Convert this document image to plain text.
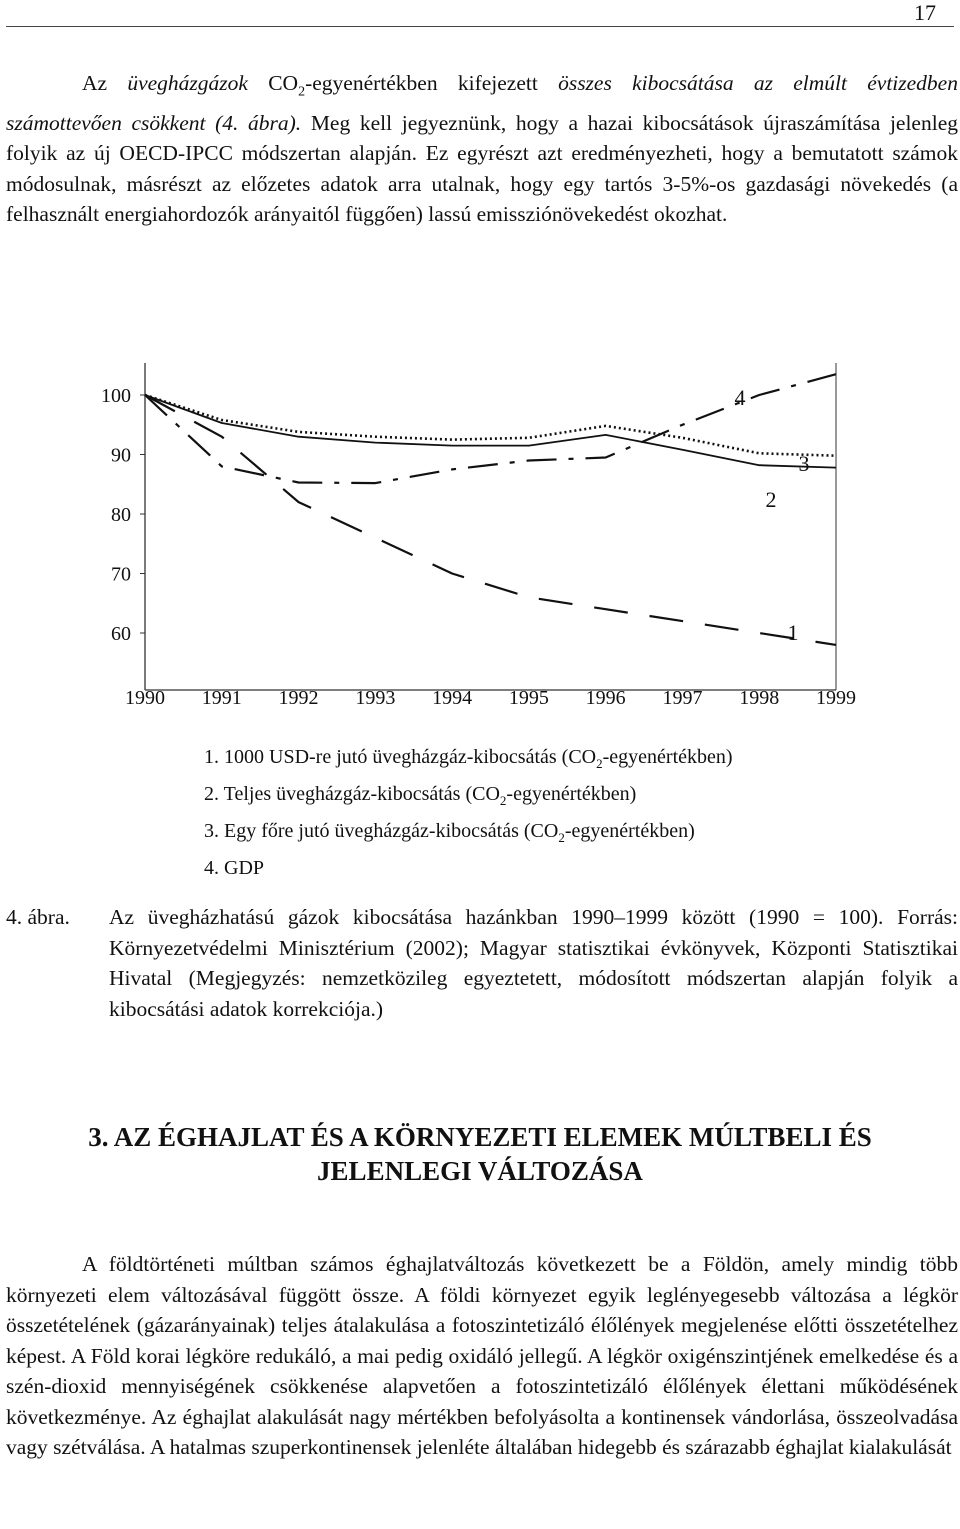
17

Az üvegházgázok $CO_2$-egyenértékben kifejezett összes kibocsátása az elmúlt évtizedben számottevően csökkent (4. ábra). Meg kell jegyeznünk, hogy a hazai kibocsátások újraszámítása jelenleg folyik az új OECD-IPCC módszertan alapján. Ez egyrészt azt eredményezheti, hogy a bemutatott számok módosulnak, másrészt az előzetes adatok arra utalnak, hogy egy tartós 3-5%-os gazdasági növekedés (a felhasznált energiahordozók arányaitól függően) lassú emissziónövekedést okozhat.

100
90
80
70
60
1990 1991 1992 1993 1994 1995 1996 1997 1998 1999
1
2
3
4
1. 1000 USD-re jutó üvegházgáz-kibocsátás $(CO_2-egyenértékben)$
2. Teljes üvegházgáz-kibocsátás $(CO_2-egyenértékben)$
3. Egy főre jutó üvegházgáz-kibocsátás $(CO_2-egyenértékben)$
4. GDP
4. ábra. Az üvegházhatású gázok kibocsátása hazánkban 1990–1999 között (1990 = 100). Forrás: Környezetvédelmi Minisztérium (2002); Magyar statisztikai évkönyvek, Központi Statisztikai Hivatal (Megjegyzés: nemzetközileg egyeztetett, módosított módszertan alapján folyik a kibocsátási adatok korrekciója.)

3. AZ ÉGHAJLAT ÉS A KÖRNYEZETI ELEMEK MÚLTBELI ÉS
JELENLEGI VÁLTOZÁSA

A földtörténeti múltban számos éghajlatváltozás következett be a Földön, amely mindig több környezeti elem változásával függött össze. A földi környezet egyik leglényegesebb változása a légkör összetételének (gázarányainak) teljes átalakulása a fotoszintetizáló élőlények megjelenése előtti összetételhez képest. A Föld korai légköre redukáló, a mai pedig oxidáló jellegű. A légkör oxigénszintjének emelkedése és a szén-dioxid mennyiségének csökkenése alapvetően a fotoszintetizáló élőlények élettani működésének következménye. Az éghajlat alakulását nagy mértékben befolyásolta a kontinensek vándorlása, összeolvadása vagy szétválása. A hatalmas szuperkontinensek jelenléte általában hidegebb és szárazabb éghajlat kialakulását
